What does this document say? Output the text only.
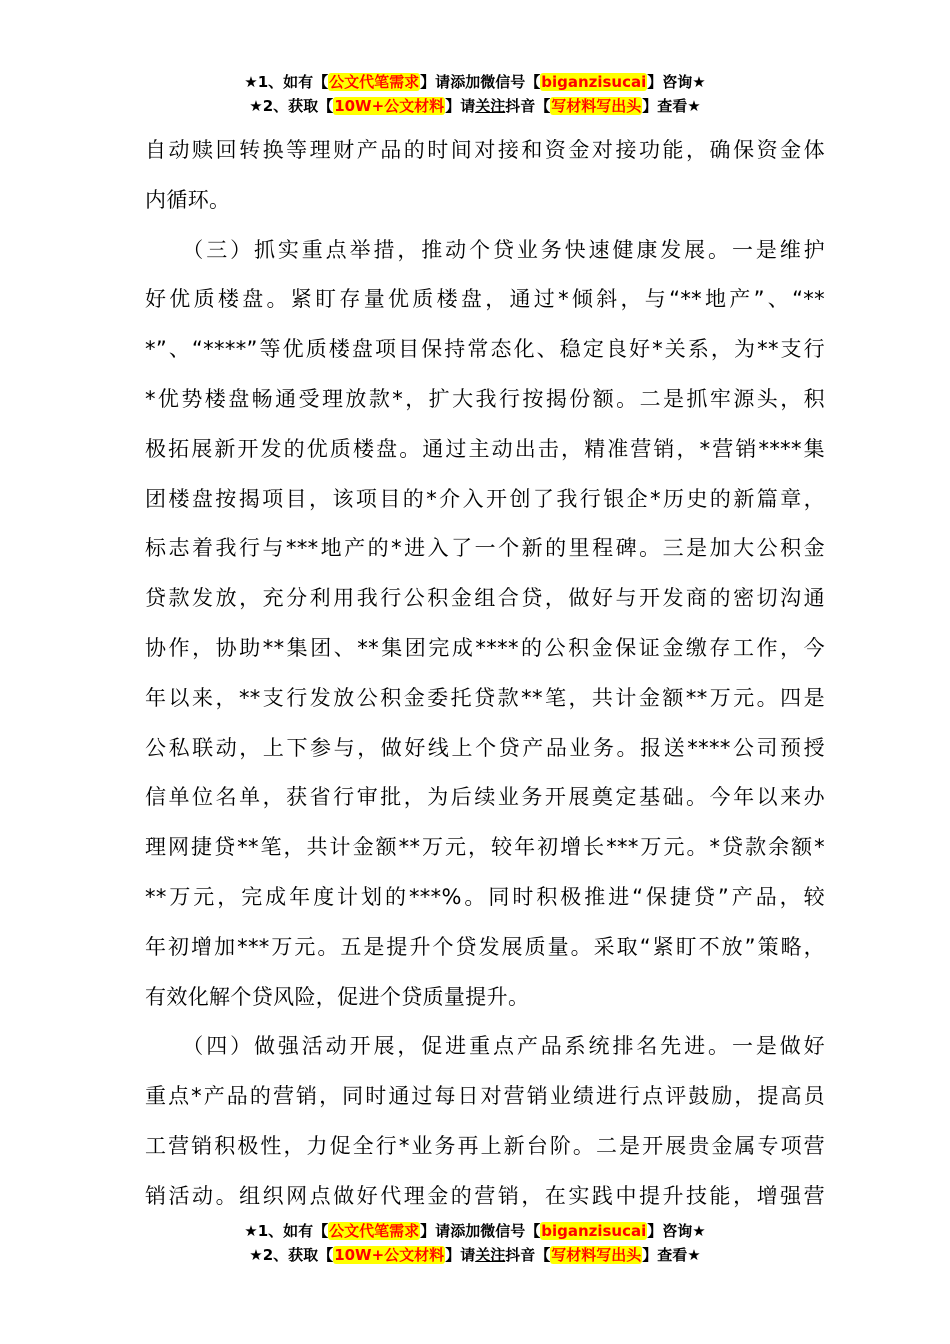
★1、如有【公文代笔需求】请添加微信号【biganzisucai】咨询★
★2、获取【10W+公文材料】请关注抖音【写材料写出头】查看★
自动赎回转换等理财产品的时间对接和资金对接功能，确保资金体
内循环。
　　（三）抓实重点举措，推动个贷业务快速健康发展。一是维护
好优质楼盘。紧盯存量优质楼盘，通过*倾斜，与“**地产”、“**
*”、“****”等优质楼盘项目保持常态化、稳定良好*关系，为**支行
*优势楼盘畅通受理放款*，扩大我行按揭份额。二是抓牢源头，积
极拓展新开发的优质楼盘。通过主动出击，精准营销，*营销****集
团楼盘按揭项目，该项目的*介入开创了我行银企*历史的新篇章，
标志着我行与***地产的*进入了一个新的里程碑。三是加大公积金
贷款发放，充分利用我行公积金组合贷，做好与开发商的密切沟通
协作，协助**集团、**集团完成****的公积金保证金缴存工作，今
年以来，**支行发放公积金委托贷款**笔，共计金额**万元。四是
公私联动，上下参与，做好线上个贷产品业务。报送****公司预授
信单位名单，获省行审批，为后续业务开展奠定基础。今年以来办
理网捷贷**笔，共计金额**万元，较年初增长***万元。*贷款余额*
**万元，完成年度计划的***%。同时积极推进“保捷贷”产品，较
年初增加***万元。五是提升个贷发展质量。采取“紧盯不放”策略，
有效化解个贷风险，促进个贷质量提升。
　　（四）做强活动开展，促进重点产品系统排名先进。一是做好
重点*产品的营销，同时通过每日对营销业绩进行点评鼓励，提高员
工营销积极性，力促全行*业务再上新台阶。二是开展贵金属专项营
销活动。组织网点做好代理金的营销，在实践中提升技能，增强营
★1、如有【公文代笔需求】请添加微信号【biganzisucai】咨询★
★2、获取【10W+公文材料】请关注抖音【写材料写出头】查看★
